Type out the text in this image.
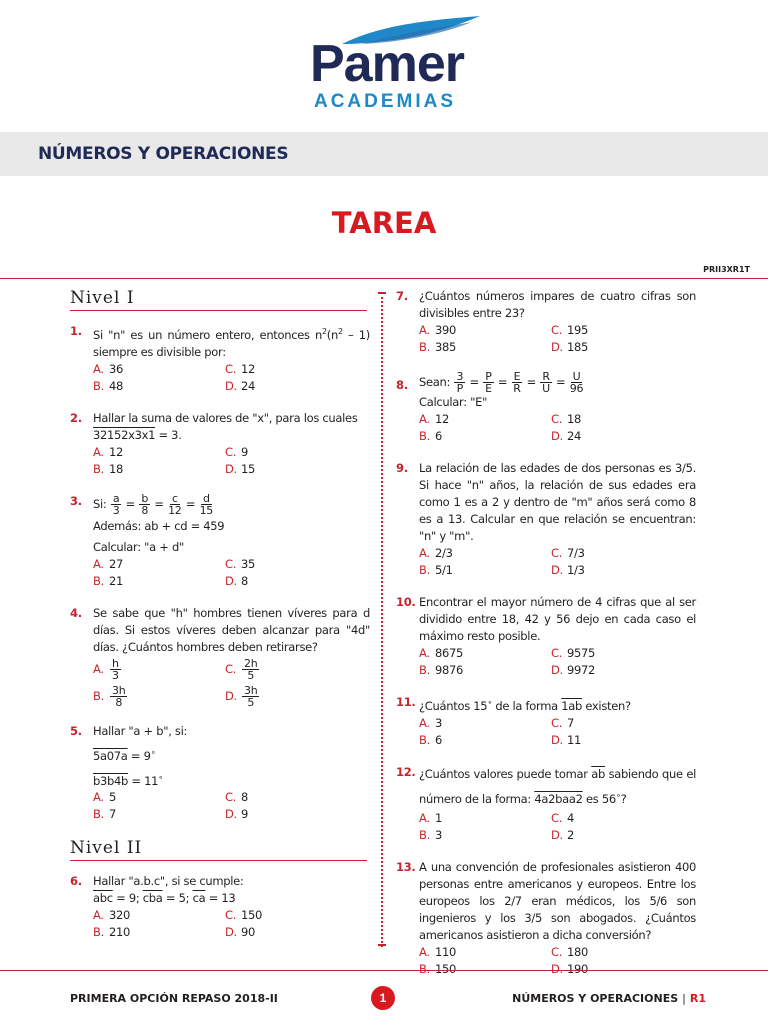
Pamer
ACADEMIAS
NÚMEROS Y OPERACIONES
TAREA
PRII3XR1T
Nivel I
1. Si "n" es un número entero, entonces $n^2(n^2 - 1)$ siempre es divisible por:
A. 36	C. 12
B. 48	D. 24
2. Hallar la suma de valores de "x", para los cuales
32152x3x1 = 3.
A. 12	C. 9
B. 18	D. 15
3. Si: $\frac{a}{3} = \frac{b}{8} = \frac{c}{12} = \frac{d}{15}$
Además: ab + cd = 459
Calcular: "a + d"
A. 27	C. 35
B. 21	D. 8
4. Se sabe que "h" hombres tienen víveres para d días. Si estos víveres deben alcanzar para "4d" días. ¿Cuántos hombres deben retirarse?
A. $\frac{h}{3}$	C. $\frac{2h}{5}$
B. $\frac{3h}{8}$	D. $\frac{3h}{5}$
5. Hallar "a + b", si:
5a07a = 9∘
b3b4b = 11∘
A. 5	C. 8
B. 7	D. 9
Nivel II
6. Hallar "a.b.c", si se cumple:
$\overline{abc} = 9$; $\overline{cba} = 5$; $\overline{ca} = 13$
A. 320	C. 150
B. 210	D. 90
7. ¿Cuántos números impares de cuatro cifras son divisibles entre 23?
A. 390	C. 195
B. 385	D. 185
8. Sean: $\frac{3}{P} = \frac{P}{E} = \frac{E}{R} = \frac{R}{U} = \frac{U}{96}$
Calcular: "E"
A. 12	C. 18
B. 6	D. 24
9. La relación de las edades de dos personas es 3/5. Si hace "n" años, la relación de sus edades era como 1 es a 2 y dentro de "m" años será como 8 es a 13. Calcular en que relación se encuentran: "n" y "m".
A. 2/3	C. 7/3
B. 5/1	D. 1/3
10. Encontrar el mayor número de 4 cifras que al ser dividido entre 18, 42 y 56 dejo en cada caso el máximo resto posible.
A. 8675	C. 9575
B. 9876	D. 9972
11. ¿Cuántos 15∘ de la forma 1ab existen?
A. 3	C. 7
B. 6	D. 11
12. ¿Cuántos valores puede tomar $\overline{ab}$ sabiendo que el número de la forma: 4a2baa2 es 56∘?
A. 1	C. 4
B. 3	D. 2
13. A una convención de profesionales asistieron 400 personas entre americanos y europeos. Entre los europeos los 2/7 eran médicos, los 5/6 son ingenieros y los 3/5 son abogados. ¿Cuántos americanos asistieron a dicha conversión?
A. 110	C. 180
B. 150	D. 190
PRIMERA OPCIÓN REPASO 2018-II	1	NÚMEROS Y OPERACIONES | R1
